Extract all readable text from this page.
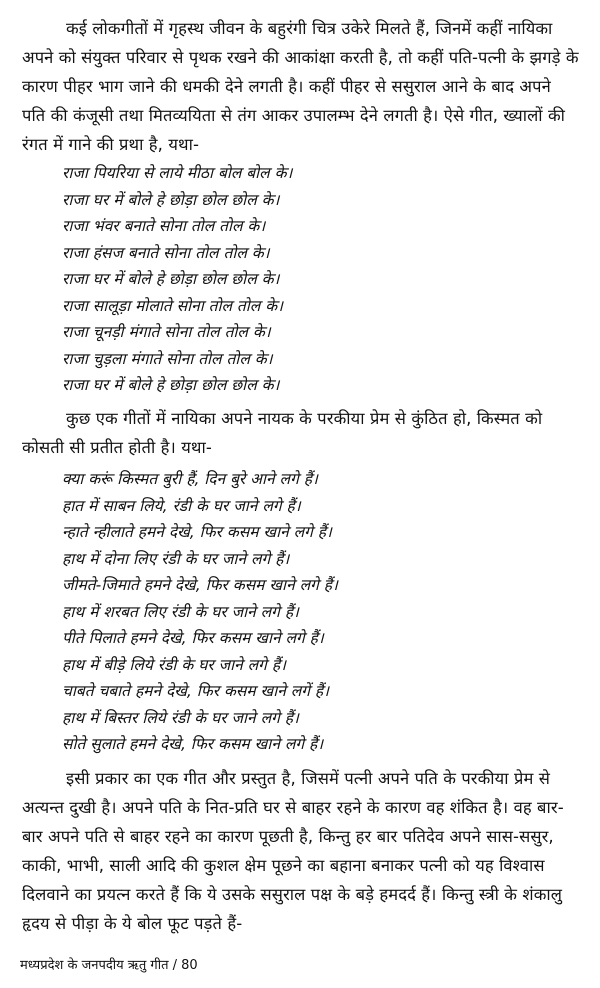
कई लोकगीतों में गृहस्थ जीवन के बहुरंगी चित्र उकेरे मिलते हैं, जिनमें कहीं नायिका
अपने को संयुक्त परिवार से पृथक रखने की आकांक्षा करती है, तो कहीं पति-पत्नी के झगड़े के
कारण पीहर भाग जाने की धमकी देने लगती है। कहीं पीहर से ससुराल आने के बाद अपने
पति की कंजूसी तथा मितव्ययिता से तंग आकर उपालम्भ देने लगती है। ऐसे गीत, ख्यालों की
रंगत में गाने की प्रथा है, यथा-
राजा पियरिया से लाये मीठा बोल बोल के।
राजा घर में बोले हे छोड़ा छोल छोल के।
राजा भंवर बनाते सोना तोल तोल के।
राजा हंसज बनाते सोना तोल तोल के।
राजा घर में बोले हे छोड़ा छोल छोल के।
राजा सालूड़ा मोलाते सोना तोल तोल के।
राजा चूनड़ी मंगाते सोना तोल तोल के।
राजा चुड़ला मंगाते सोना तोल तोल के।
राजा घर में बोले हे छोड़ा छोल छोल के।
कुछ एक गीतों में नायिका अपने नायक के परकीया प्रेम से कुंठित हो, किस्मत को
कोसती सी प्रतीत होती है। यथा-
क्या करूं किस्मत बुरी हैं, दिन बुरे आने लगे हैं।
हात में साबन लिये, रंडी के घर जाने लगे हैं।
न्हाते न्हीलाते हमने देखे, फिर कसम खाने लगे हैं।
हाथ में दोना लिए रंडी के घर जाने लगे हैं।
जीमते-जिमाते हमने देखे, फिर कसम खाने लगे हैं।
हाथ में शरबत लिए रंडी के घर जाने लगे हैं।
पीते पिलाते हमने देखे, फिर कसम खाने लगे हैं।
हाथ में बीड़े लिये रंडी के घर जाने लगे हैं।
चाबते चबाते हमने देखे, फिर कसम खाने लगें हैं।
हाथ में बिस्तर लिये रंडी के घर जाने लगे हैं।
सोते सुलाते हमने देखे, फिर कसम खाने लगे हैं।
इसी प्रकार का एक गीत और प्रस्तुत है, जिसमें पत्नी अपने पति के परकीया प्रेम से
अत्यन्त दुखी है। अपने पति के नित-प्रति घर से बाहर रहने के कारण वह शंकित है। वह बार-
बार अपने पति से बाहर रहने का कारण पूछती है, किन्तु हर बार पतिदेव अपने सास-ससुर,
काकी, भाभी, साली आदि की कुशल क्षेम पूछने का बहाना बनाकर पत्नी को यह विश्वास
दिलवाने का प्रयत्न करते हैं कि ये उसके ससुराल पक्ष के बड़े हमदर्द हैं। किन्तु स्त्री के शंकालु
हृदय से पीड़ा के ये बोल फूट पड़ते हैं-
मध्यप्रदेश के जनपदीय ऋतु गीत / 80
